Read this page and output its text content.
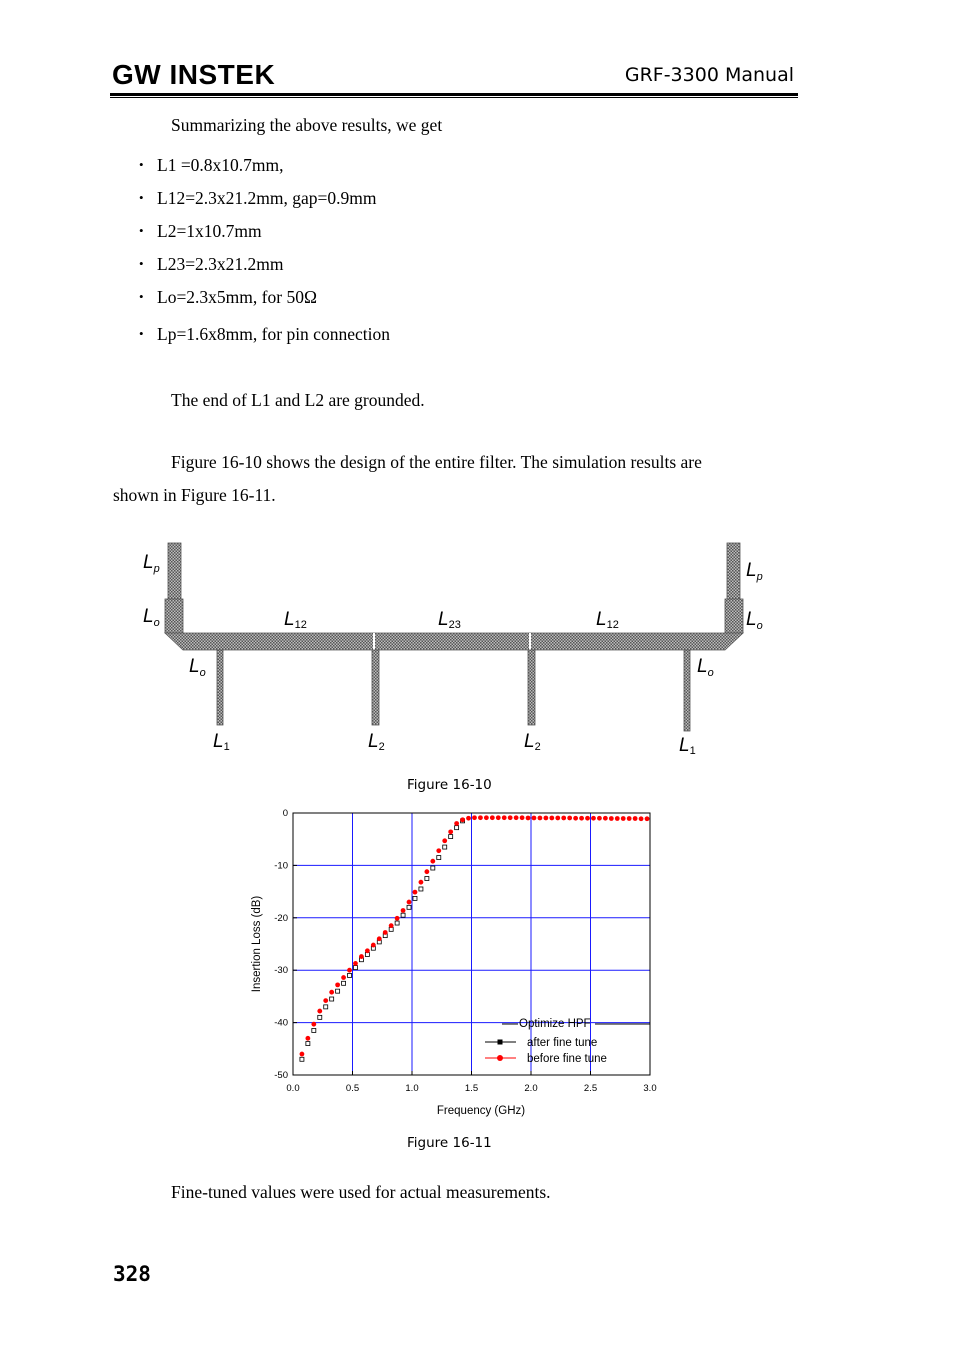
GW INSTEK	GRF-3300 Manual
Summarizing the above results, we get
• L1 =0.8x10.7mm,
• L12=2.3x21.2mm, gap=0.9mm
• L2=1x10.7mm
• L23=2.3x21.2mm
• Lo=2.3x5mm, for 50Ω
• Lp=1.6x8mm, for pin connection
The end of L1 and L2 are grounded.
Figure 16-10 shows the design of the entire filter. The simulation results are
shown in Figure 16-11.
$L_p$
$L_o$	L12	L23	L12
$L_p$
$L_o$
$L_o$	$L_o$
L1	L2	L2	L1
Figure 16-10
0.0	0.5	1.0	1.5	2.0	2.5	3.0
0
-10
-20
-30
-40
-50
Frequency (GHz)
Insertion Loss (dB)
Optimize HPF
after fine tune
before fine tune
Figure 16-11
Fine-tuned values were used for actual measurements.
328
